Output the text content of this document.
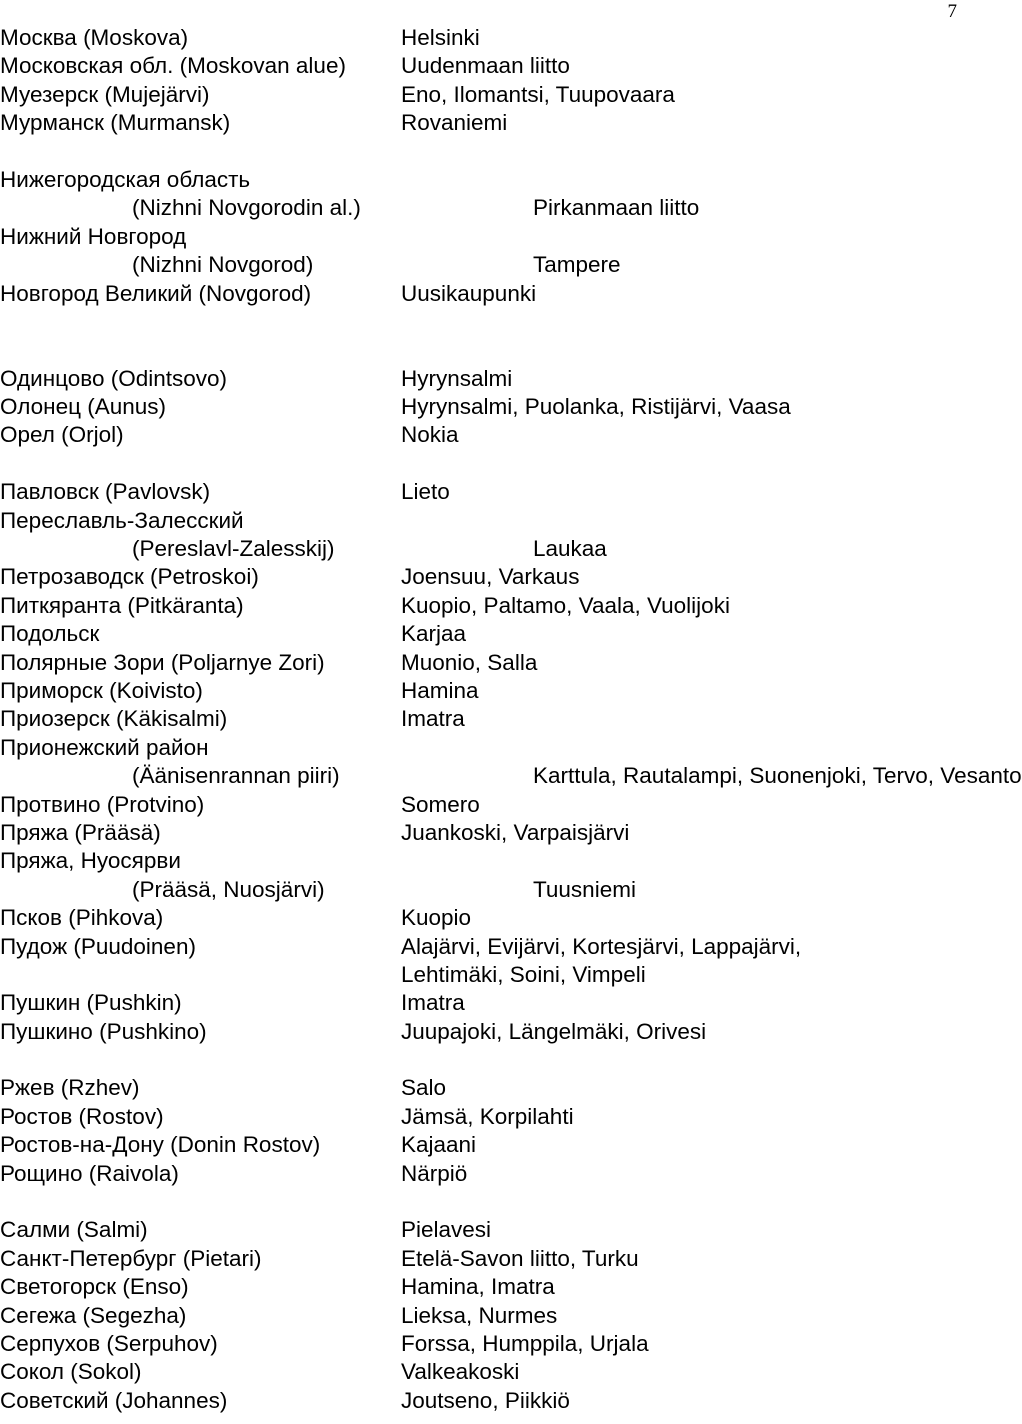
7
Москва (Moskova)	Helsinki
Московская обл. (Moskovan alue)	Uudenmaan liitto
Муезерск (Mujejärvi)	Eno, Ilomantsi, Tuupovaara
Мурманск (Murmansk)	Rovaniemi
Нижегородская область
(Nizhni Novgorodin al.)	Pirkanmaan liitto
Нижний Новгород
(Nizhni Novgorod)	Tampere
Новгород Великий (Novgorod)	Uusikaupunki
Одинцово (Odintsovo)	Hyrynsalmi
Олонец (Aunus)	Hyrynsalmi, Puolanka, Ristijärvi, Vaasa
Орел (Orjol)	Nokia
Павловск (Pavlovsk)	Lieto
Переславль-Залесский
(Pereslavl-Zalesskij)	Laukaa
Петрозаводск (Petroskoi)	Joensuu, Varkaus
Питкяранта (Pitkäranta)	Kuopio, Paltamo, Vaala, Vuolijoki
Подольск	Karjaa
Полярные Зори (Poljarnye Zori)	Muonio, Salla
Приморск (Koivisto)	Hamina
Приозерск (Käkisalmi)	Imatra
Прионежский район
(Äänisenrannan piiri)	Karttula, Rautalampi, Suonenjoki, Tervo, Vesanto
Протвино (Protvino)	Somero
Пряжа (Prääsä)	Juankoski, Varpaisjärvi
Пряжа, Нуосярви
(Prääsä, Nuosjärvi)	Tuusniemi
Псков (Pihkova)	Kuopio
Пудож (Puudoinen)	Alajärvi, Evijärvi, Kortesjärvi, Lappajärvi,
Lehtimäki, Soini, Vimpeli
Пушкин (Pushkin)	Imatra
Пушкино (Pushkino)	Juupajoki, Längelmäki, Orivesi
Ржев (Rzhev)	Salo
Ростов (Rostov)	Jämsä, Korpilahti
Ростов-на-Дону (Donin Rostov)	Kajaani
Рощино (Raivola)	Närpiö
Салми (Salmi)	Pielavesi
Санкт-Петербург (Pietari)	Etelä-Savon liitto, Turku
Светогорск (Enso)	Hamina, Imatra
Сегежа (Segezha)	Lieksa, Nurmes
Серпухов (Serpuhov)	Forssa, Humppila, Urjala
Сокол (Sokol)	Valkeakoski
Советский (Johannes)	Joutseno, Piikkiö
